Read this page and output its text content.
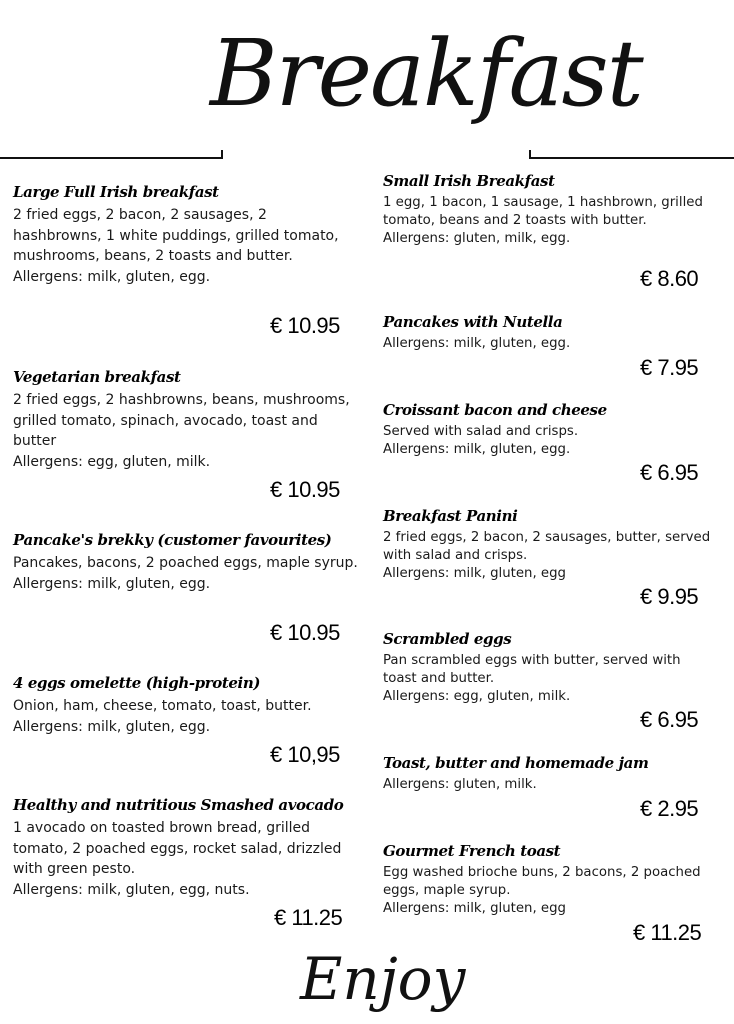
Breakfast

Large Full Irish breakfast

2 fried eggs, 2 bacon, 2 sausages, 2 hashbrowns, 1 white puddings, grilled tomato, mushrooms, beans, 2 toasts and butter.

Allergens: milk, gluten, egg.

€ 10.95

Vegetarian breakfast

2 fried eggs, 2 hashbrowns, beans, mushrooms, grilled tomato, spinach, avocado, toast and butter

Allergens: egg, gluten, milk.

€ 10.95

Pancake's brekky (customer favourites)

Pancakes, bacons, 2 poached eggs, maple syrup.

Allergens: milk, gluten, egg.

€ 10.95

4 eggs omelette (high-protein)

Onion, ham, cheese, tomato, toast, butter.

Allergens: milk, gluten, egg.

€ 10,95

Healthy and nutritious Smashed avocado

1 avocado on toasted brown bread, grilled tomato, 2 poached eggs, rocket salad, drizzled with green pesto.

Allergens: milk, gluten, egg, nuts.

€ 11.25

Small Irish Breakfast

1 egg, 1 bacon, 1 sausage, 1 hashbrown, grilled tomato, beans and 2 toasts with butter.

Allergens: gluten, milk, egg.

€ 8.60

Pancakes with Nutella

Allergens: milk, gluten, egg.

€ 7.95

Croissant bacon and cheese

Served with salad and crisps.

Allergens: milk, gluten, egg.

€ 6.95

Breakfast Panini

2 fried eggs, 2 bacon, 2 sausages, butter, served with salad and crisps.

Allergens: milk, gluten, egg

€ 9.95

Scrambled eggs

Pan scrambled eggs with butter, served with toast and butter.

Allergens: egg, gluten, milk.

€ 6.95

Toast, butter and homemade jam

Allergens: gluten, milk.

€ 2.95

Gourmet French toast

Egg washed brioche buns, 2 bacons, 2 poached eggs, maple syrup.

Allergens: milk, gluten, egg

€ 11.25
Enjoy
